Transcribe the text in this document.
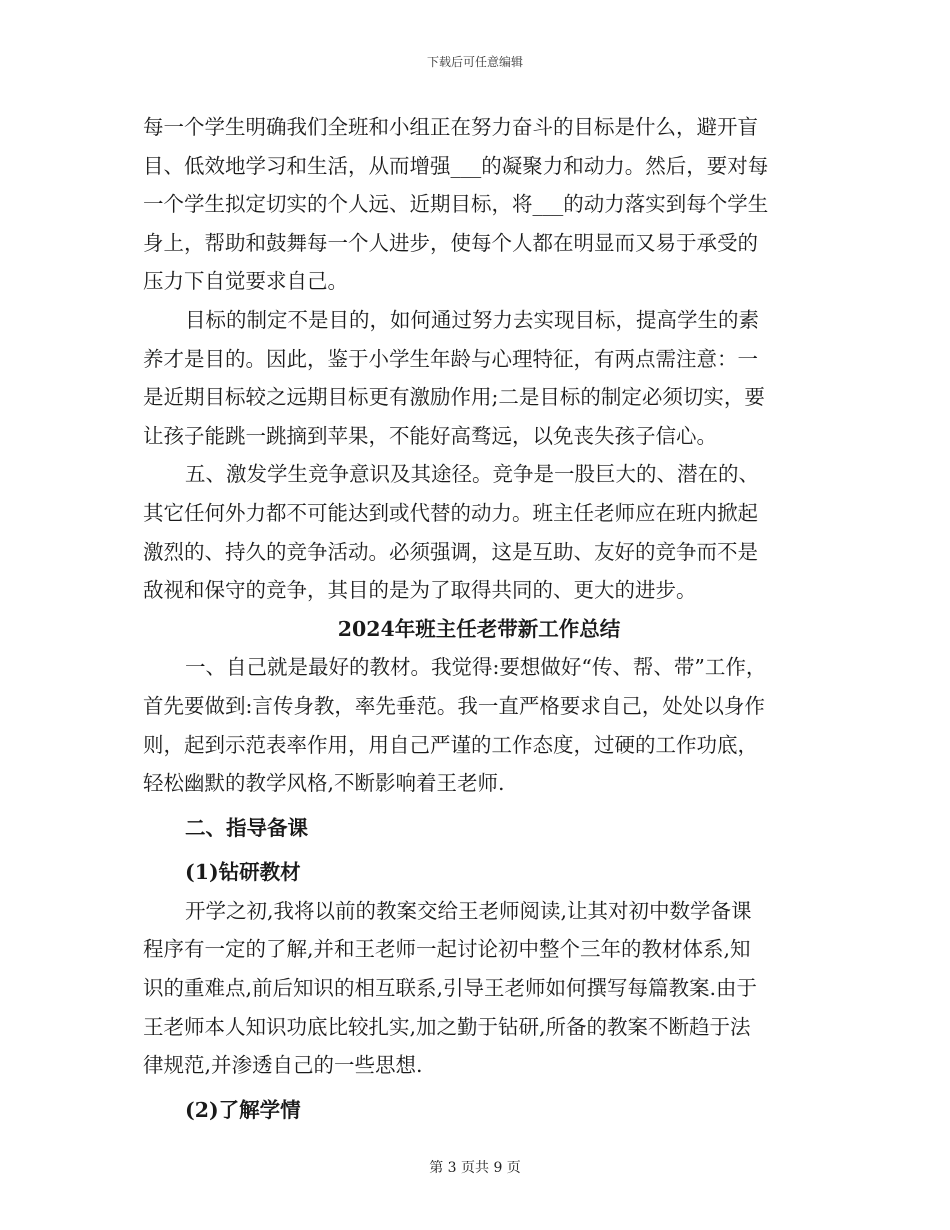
下载后可任意编辑
每一个学生明确我们全班和小组正在努力奋斗的目标是什么，避开盲
目、低效地学习和生活，从而增强___的凝聚力和动力。然后，要对每
一个学生拟定切实的个人远、近期目标，将___的动力落实到每个学生
身上，帮助和鼓舞每一个人进步，使每个人都在明显而又易于承受的
压力下自觉要求自己。
目标的制定不是目的，如何通过努力去实现目标，提高学生的素
养才是目的。因此，鉴于小学生年龄与心理特征，有两点需注意：一
是近期目标较之远期目标更有激励作用;二是目标的制定必须切实，要
让孩子能跳一跳摘到苹果，不能好高骛远，以免丧失孩子信心。
五、激发学生竞争意识及其途径。竞争是一股巨大的、潜在的、
其它任何外力都不可能达到或代替的动力。班主任老师应在班内掀起
激烈的、持久的竞争活动。必须强调，这是互助、友好的竞争而不是
敌视和保守的竞争，其目的是为了取得共同的、更大的进步。
2024年班主任老带新工作总结
一、自己就是最好的教材。我觉得:要想做好“传、帮、带”工作，
首先要做到:言传身教，率先垂范。我一直严格要求自己，处处以身作
则，起到示范表率作用，用自己严谨的工作态度，过硬的工作功底，
轻松幽默的教学风格,不断影响着王老师.
二、指导备课
(1)钻研教材
开学之初,我将以前的教案交给王老师阅读,让其对初中数学备课
程序有一定的了解,并和王老师一起讨论初中整个三年的教材体系,知
识的重难点,前后知识的相互联系,引导王老师如何撰写每篇教案.由于
王老师本人知识功底比较扎实,加之勤于钻研,所备的教案不断趋于法
律规范,并渗透自己的一些思想.
(2)了解学情
第 3 页共 9 页
